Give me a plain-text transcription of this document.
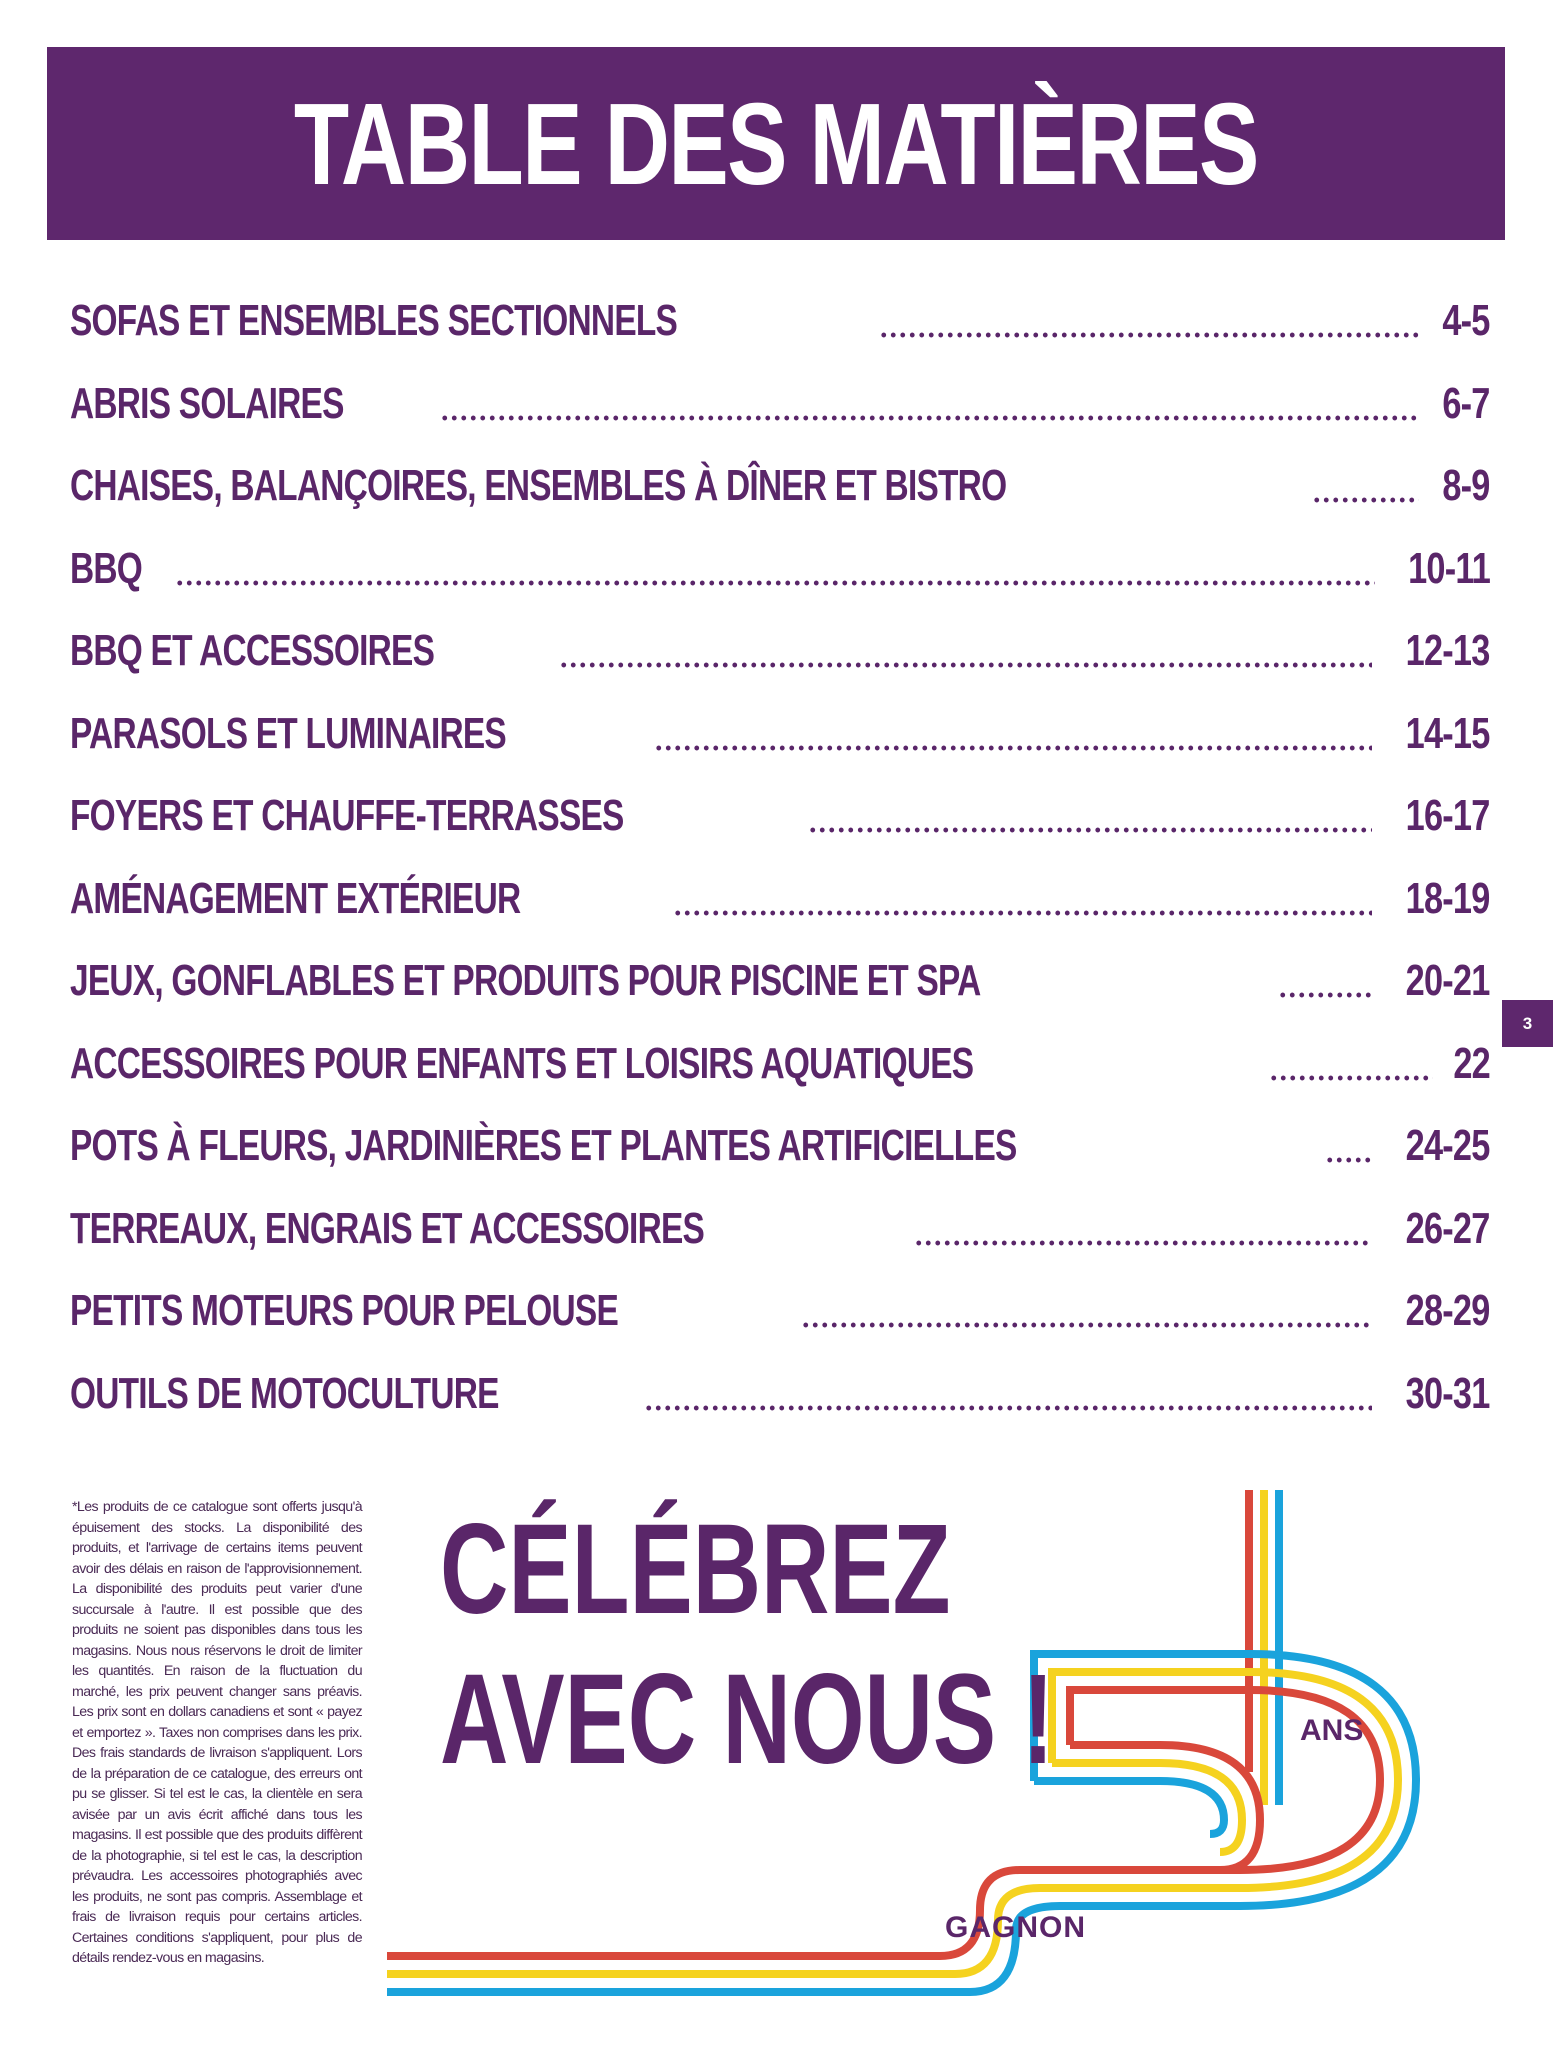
TABLE DES MATIÈRES
SOFAS ET ENSEMBLES SECTIONNELS	4-5
ABRIS SOLAIRES	6-7
CHAISES, BALANÇOIRES, ENSEMBLES À DÎNER ET BISTRO	8-9
BBQ	10-11
BBQ ET ACCESSOIRES	12-13
PARASOLS ET LUMINAIRES	14-15
FOYERS ET CHAUFFE-TERRASSES	16-17
AMÉNAGEMENT EXTÉRIEUR	18-19
JEUX, GONFLABLES ET PRODUITS POUR PISCINE ET SPA	20-21
ACCESSOIRES POUR ENFANTS ET LOISIRS AQUATIQUES	22
POTS À FLEURS, JARDINIÈRES ET PLANTES ARTIFICIELLES	24-25
TERREAUX, ENGRAIS ET ACCESSOIRES	26-27
PETITS MOTEURS POUR PELOUSE	28-29
OUTILS DE MOTOCULTURE	30-31
3
*Les produits de ce catalogue sont offerts jusqu'à épuisement des stocks. La disponibilité des produits, et l'arrivage de certains items peuvent avoir des délais en raison de l'approvisionnement. La disponibilité des produits peut varier d'une succursale à l'autre. Il est possible que des produits ne soient pas disponibles dans tous les magasins. Nous nous réservons le droit de limiter les quantités. En raison de la fluctuation du marché, les prix peuvent changer sans préavis. Les prix sont en dollars canadiens et sont « payez et emportez ». Taxes non comprises dans les prix. Des frais standards de livraison s'appliquent. Lors de la préparation de ce catalogue, des erreurs ont pu se glisser. Si tel est le cas, la clientèle en sera avisée par un avis écrit affiché dans tous les magasins. Il est possible que des produits diffèrent de la photographie, si tel est le cas, la description prévaudra. Les accessoires photographiés avec les produits, ne sont pas compris. Assemblage et frais de livraison requis pour certains articles. Certaines conditions s'appliquent, pour plus de détails rendez-vous en magasins.
ANS
GAGNON
CÉLÉBREZ
AVEC NOUS !
